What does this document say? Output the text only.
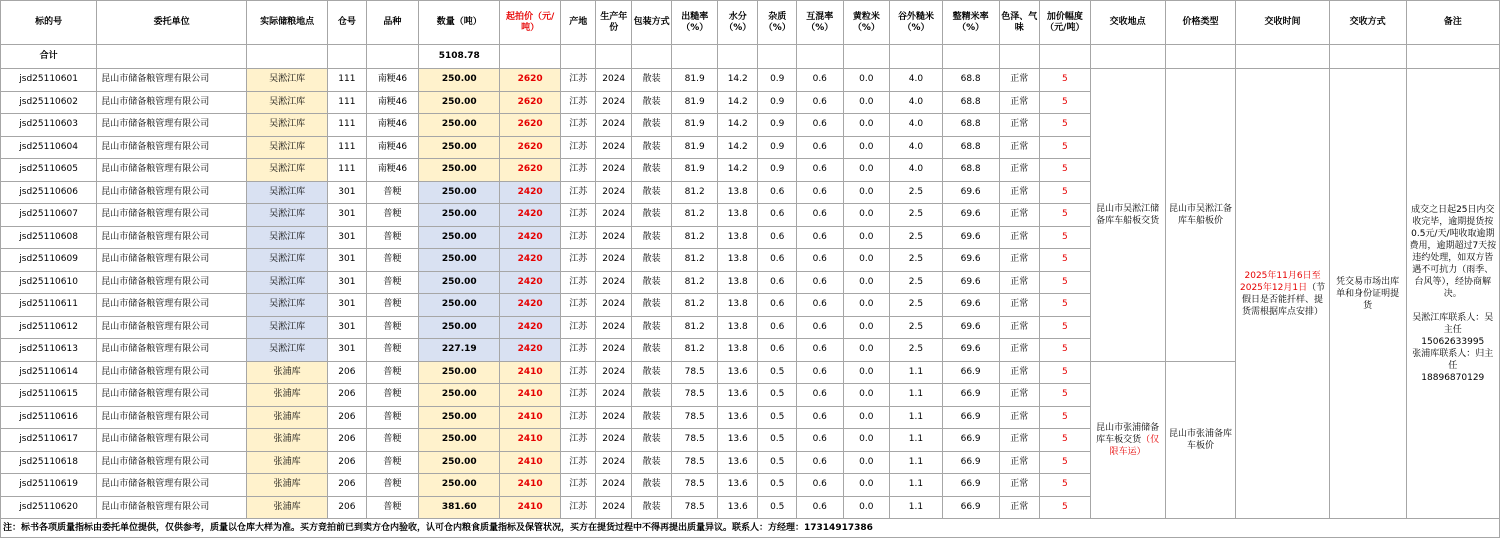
标的号	委托单位	实际储粮地点	仓号	品种	数量（吨）	起拍价（元/吨）	产地	生产年份	包装方式	出糙率（%）	水分（%）	杂质（%）	互混率（%）	黄粒米（%）	谷外糙米（%）	整精米率（%）	色泽、气味	加价幅度（元/吨）	交收地点	价格类型	交收时间	交收方式	备注
合计					5108.78																		
jsd25110601	昆山市储备粮管理有限公司	吴淞江库	111	南粳46	250.00	2620	江苏	2024	散装	81.9	14.2	0.9	0.6	0.0	4.0	68.8	正常	5	昆山市吴淞江储备库车船板交货	昆山市吴淞江备库车船板价	2025年11月6日至2025年12月1日（节假日是否能扦样、提货需根据库点安排）	凭交易市场出库单和身份证明提货	成交之日起25日内交收完毕，逾期提货按0.5元/天/吨收取逾期费用，逾期超过7天按违约处理，如双方皆遇不可抗力（雨季、台风等），经协商解决。
吴淞江库联系人：吴主任
15062633995
张浦库联系人：归主任
18896870129

jsd25110602	昆山市储备粮管理有限公司	吴淞江库	111	南粳46	250.00	2620	江苏	2024	散装	81.9	14.2	0.9	0.6	0.0	4.0	68.8	正常	5					
jsd25110603	昆山市储备粮管理有限公司	吴淞江库	111	南粳46	250.00	2620	江苏	2024	散装	81.9	14.2	0.9	0.6	0.0	4.0	68.8	正常	5					
jsd25110604	昆山市储备粮管理有限公司	吴淞江库	111	南粳46	250.00	2620	江苏	2024	散装	81.9	14.2	0.9	0.6	0.0	4.0	68.8	正常	5					
jsd25110605	昆山市储备粮管理有限公司	吴淞江库	111	南粳46	250.00	2620	江苏	2024	散装	81.9	14.2	0.9	0.6	0.0	4.0	68.8	正常	5					
jsd25110606	昆山市储备粮管理有限公司	吴淞江库	301	普粳	250.00	2420	江苏	2024	散装	81.2	13.8	0.6	0.6	0.0	2.5	69.6	正常	5					
jsd25110607	昆山市储备粮管理有限公司	吴淞江库	301	普粳	250.00	2420	江苏	2024	散装	81.2	13.8	0.6	0.6	0.0	2.5	69.6	正常	5					
jsd25110608	昆山市储备粮管理有限公司	吴淞江库	301	普粳	250.00	2420	江苏	2024	散装	81.2	13.8	0.6	0.6	0.0	2.5	69.6	正常	5					
jsd25110609	昆山市储备粮管理有限公司	吴淞江库	301	普粳	250.00	2420	江苏	2024	散装	81.2	13.8	0.6	0.6	0.0	2.5	69.6	正常	5					
jsd25110610	昆山市储备粮管理有限公司	吴淞江库	301	普粳	250.00	2420	江苏	2024	散装	81.2	13.8	0.6	0.6	0.0	2.5	69.6	正常	5					
jsd25110611	昆山市储备粮管理有限公司	吴淞江库	301	普粳	250.00	2420	江苏	2024	散装	81.2	13.8	0.6	0.6	0.0	2.5	69.6	正常	5					
jsd25110612	昆山市储备粮管理有限公司	吴淞江库	301	普粳	250.00	2420	江苏	2024	散装	81.2	13.8	0.6	0.6	0.0	2.5	69.6	正常	5					
jsd25110613	昆山市储备粮管理有限公司	吴淞江库	301	普粳	227.19	2420	江苏	2024	散装	81.2	13.8	0.6	0.6	0.0	2.5	69.6	正常	5					
jsd25110614	昆山市储备粮管理有限公司	张浦库	206	普粳	250.00	2410	江苏	2024	散装	78.5	13.6	0.5	0.6	0.0	1.1	66.9	正常	5	昆山市张浦储备库车板交货（仅限车运）	昆山市张浦备库车板价			
jsd25110615	昆山市储备粮管理有限公司	张浦库	206	普粳	250.00	2410	江苏	2024	散装	78.5	13.6	0.5	0.6	0.0	1.1	66.9	正常	5					
jsd25110616	昆山市储备粮管理有限公司	张浦库	206	普粳	250.00	2410	江苏	2024	散装	78.5	13.6	0.5	0.6	0.0	1.1	66.9	正常	5					
jsd25110617	昆山市储备粮管理有限公司	张浦库	206	普粳	250.00	2410	江苏	2024	散装	78.5	13.6	0.5	0.6	0.0	1.1	66.9	正常	5					
jsd25110618	昆山市储备粮管理有限公司	张浦库	206	普粳	250.00	2410	江苏	2024	散装	78.5	13.6	0.5	0.6	0.0	1.1	66.9	正常	5					
jsd25110619	昆山市储备粮管理有限公司	张浦库	206	普粳	250.00	2410	江苏	2024	散装	78.5	13.6	0.5	0.6	0.0	1.1	66.9	正常	5					
jsd25110620	昆山市储备粮管理有限公司	张浦库	206	普粳	381.60	2410	江苏	2024	散装	78.5	13.6	0.5	0.6	0.0	1.1	66.9	正常	5					
注：标书各项质量指标由委托单位提供，仅供参考，质量以仓库大样为准。买方竞拍前已到卖方仓内验收，认可仓内粮食质量指标及保管状况，买方在提货过程中不得再提出质量异议。联系人：方经理：17314917386																							
